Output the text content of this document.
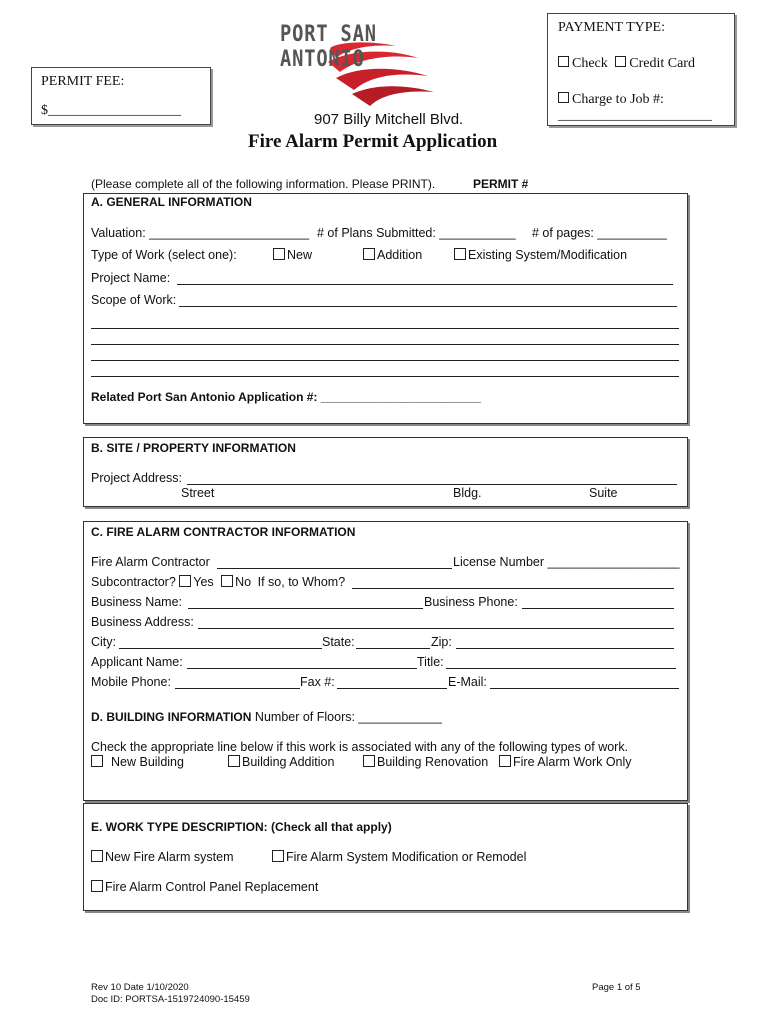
PORT SAN ANTONIO
PERMIT FEE:
$___________________
PAYMENT TYPE:
Check Credit Card
Charge to Job #:
______________________
907 Billy Mitchell Blvd.
Fire Alarm Permit Application
(Please complete all of the following information. Please PRINT).	PERMIT #
A. GENERAL INFORMATION
Valuation: _______________________ # of Plans Submitted: ___________ # of pages: __________
Type of Work (select one):	New	Addition	Existing System/Modification
Project Name:
Scope of Work:
Related Port San Antonio Application #: ________________________
B. SITE / PROPERTY INFORMATION
Project Address:
Street	Bldg.	Suite
C. FIRE ALARM CONTRACTOR INFORMATION
Fire Alarm Contractor	License Number ___________________
Subcontractor? Yes No If so, to Whom?
Business Name:	Business Phone:
Business Address:
City:	State:	Zip:
Applicant Name:	Title:
Mobile Phone:	Fax #:	E-Mail:
D. BUILDING INFORMATION Number of Floors: ____________
Check the appropriate line below if this work is associated with any of the following types of work.
New Building	Building Addition	Building Renovation	Fire Alarm Work Only
E. WORK TYPE DESCRIPTION: (Check all that apply)
New Fire Alarm system	Fire Alarm System Modification or Remodel
Fire Alarm Control Panel Replacement
Rev 10 Date 1/10/2020
Doc ID: PORTSA-1519724090-15459
Page 1 of 5
